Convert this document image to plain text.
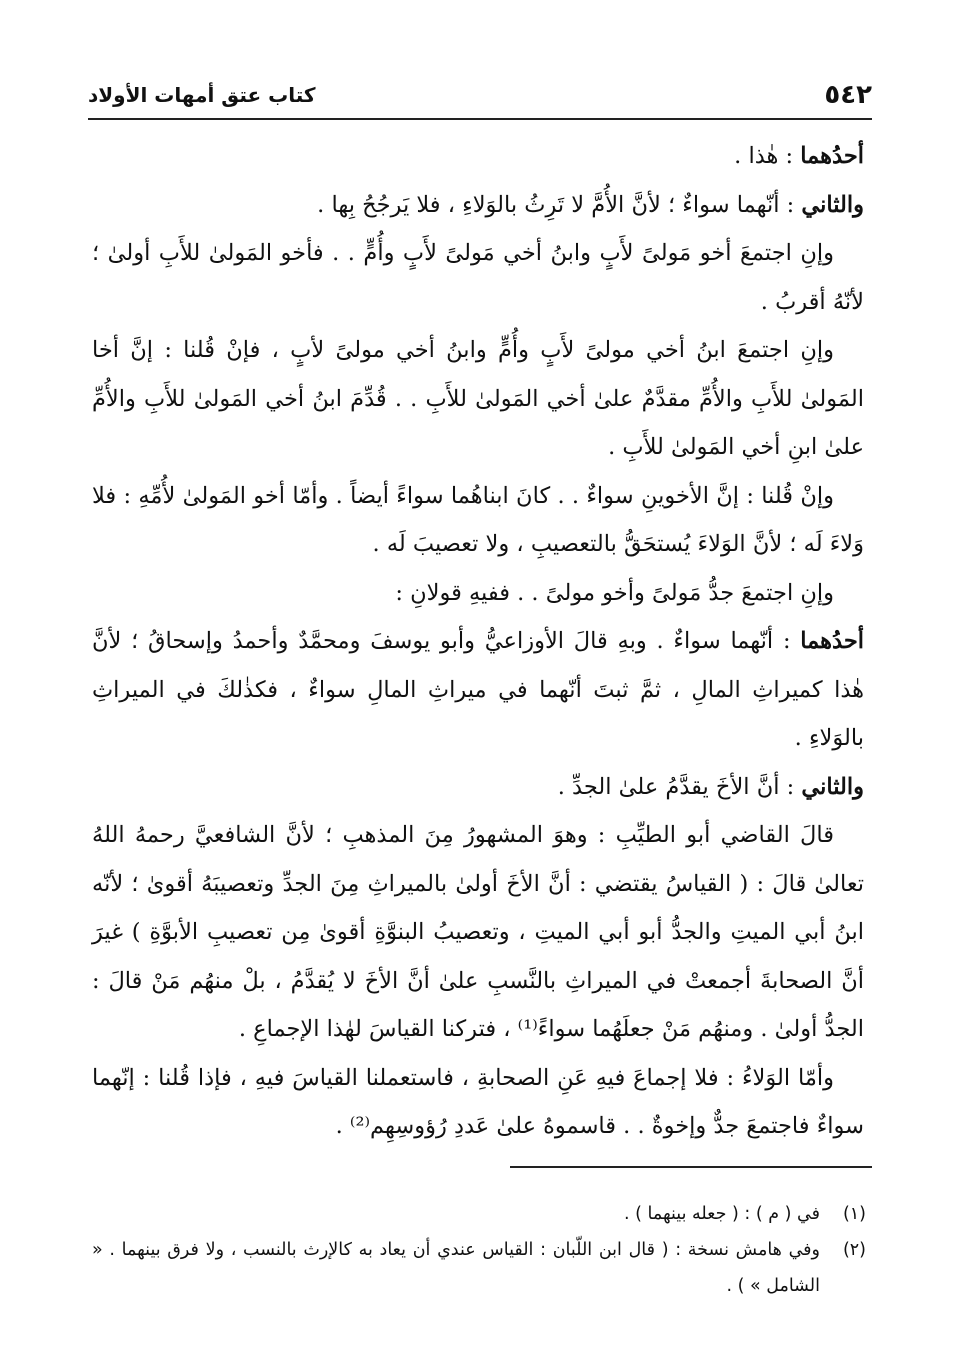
٥٤٢
كتاب عتق أمهات الأولاد

أحدُهما : هٰذا .

والثاني : أنّهما سواءٌ ؛ لأنَّ الأُمَّ لا تَرِثُ بالوَلاءِ ، فلا يَرجُحُ بِها .

وإنِ اجتمعَ أخو مَولىً لأَبٍ وابنُ أخي مَولىً لأَبٍ وأُمٍّ . . فأخو المَولىٰ للأَبِ أولىٰ ؛ لأنّهُ أقربُ .

وإنِ اجتمعَ ابنُ أخي مولىً لأَبٍ وأُمٍّ وابنُ أخي مولىً لأبٍ ، فإنْ قُلنا : إنَّ أخا المَولىٰ للأَبِ والأُمِّ مقدَّمٌ علىٰ أخي المَولىٰ للأَبِ . . قُدِّمَ ابنُ أخي المَولىٰ للأَبِ والأُمِّ علىٰ ابنِ أخي المَولىٰ للأَبِ .

وإنْ قُلنا : إنَّ الأخوينِ سواءٌ . . كانَ ابناهُما سواءً أيضاً . وأمّا أخو المَولىٰ لأُمِّهِ : فلا وَلاءَ لَه ؛ لأنَّ الوَلاءَ يُستحَقُّ بالتعصيبِ ، ولا تعصيبَ لَه .

وإنِ اجتمعَ جدُّ مَولىً وأخو مولىً . . ففيهِ قولانِ :

أحدُهما : أنّهما سواءٌ . وبهِ قالَ الأوزاعيُّ وأبو يوسفَ ومحمَّدٌ وأحمدُ وإسحاقُ ؛ لأنَّ هٰذا كميراثِ المالِ ، ثمَّ ثبتَ أنّهما في ميراثِ المالِ سواءٌ ، فكذٰلكَ في الميراثِ بالوَلاءِ .

والثاني : أنَّ الأخَ يقدَّمُ علىٰ الجدِّ .

قالَ القاضي أبو الطيِّبِ : وهوَ المشهورُ مِنَ المذهبِ ؛ لأنَّ الشافعيَّ رحمهُ اللهُ تعالىٰ قالَ : ( القياسُ يقتضي : أنَّ الأخَ أولىٰ بالميراثِ مِنَ الجدِّ وتعصيبَهُ أقوىٰ ؛ لأنّه ابنُ أبي الميتِ والجدُّ أبو أبي الميتِ ، وتعصيبُ البنوَّةِ أقوىٰ مِن تعصيبِ الأبوَّةِ ) غيرَ أنَّ الصحابةَ أجمعتْ في الميراثِ بالنَّسبِ علىٰ أنَّ الأخَ لا يُقدَّمُ ، بلْ منهُم مَنْ قالَ : الجدُّ أولىٰ . ومنهُم مَنْ جعلَهُما سواءً⁽¹⁾ ، فتركنا القياسَ لهٰذا الإجماعِ .

وأمّا الوَلاءُ : فلا إجماعَ فيهِ عَنِ الصحابةِ ، فاستعملنا القياسَ فيهِ ، فإذا قُلنا : إنّهما سواءٌ فاجتمعَ جدٌّ وإخوةٌ . . قاسموهُ علىٰ عَددِ رُؤوسِهِم⁽²⁾ .

(١)
في ( م ) : ( جعله بينهما ) .
(٢)
وفي هامش نسخة : ( قال ابن اللّبان : القياس عندي أن يعاد به كالإرث بالنسب ، ولا فرق بينهما . « الشامل » ) .
